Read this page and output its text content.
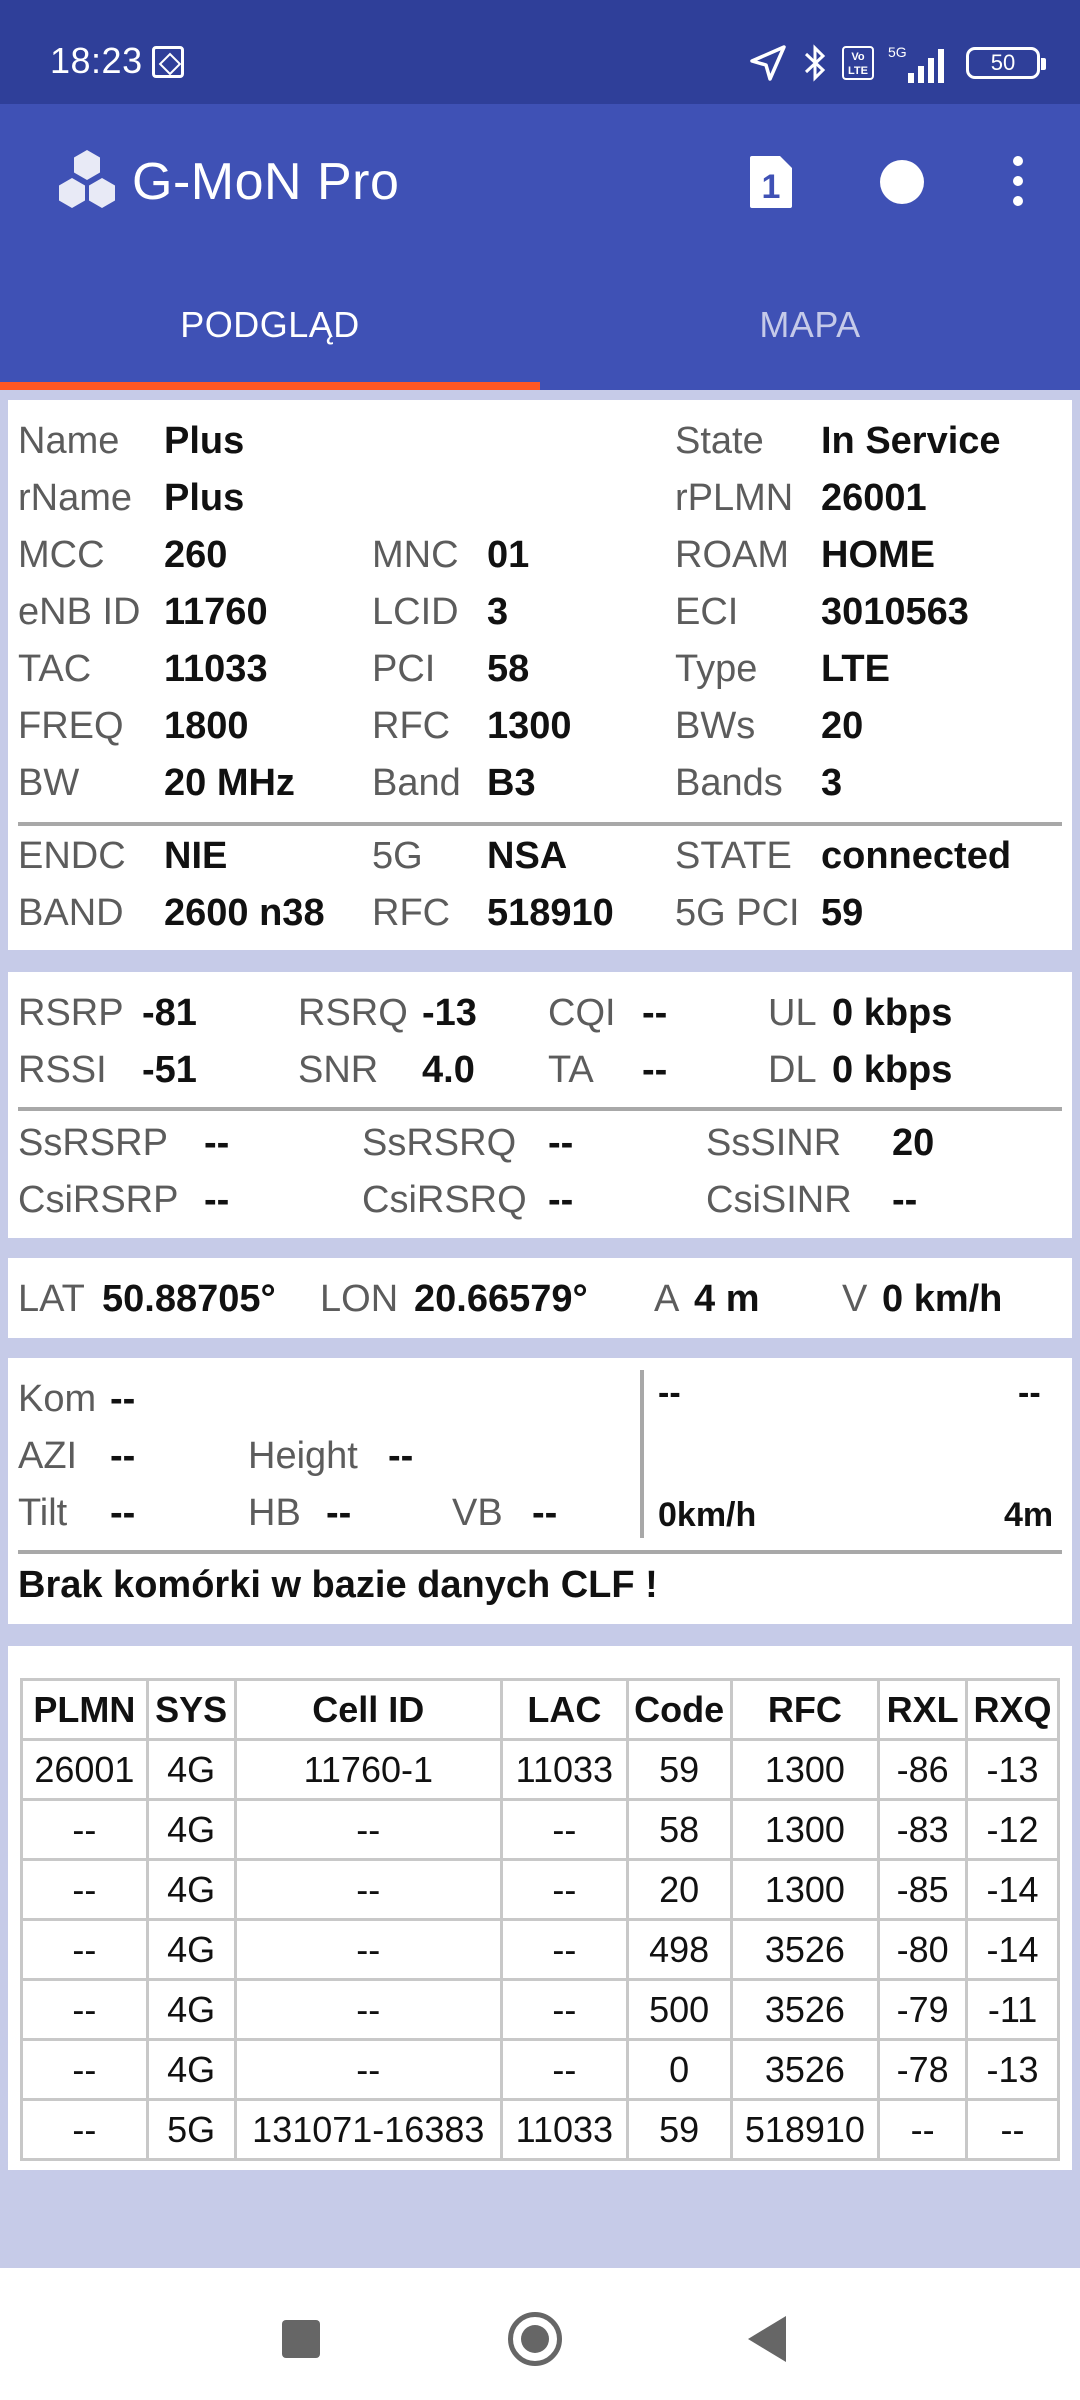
18:23	Vo LTE
5G	50
G-MoN Pro	1
PODGLĄD	MAPA
Name Plus	State In Service
rName Plus	rPLMN 26001
MCC 260	MNC 01	ROAM HOME
eNB ID 11760	LCID 3	ECI 3010563
TAC 11033	PCI 58	Type LTE
FREQ 1800	RFC 1300	BWs 20
BW 20 MHz Band B3	Bands 3
ENDC NIE	5G NSA	STATE connected
BAND 2600 n38 RFC 518910 5G PCI 59
RSRP -81	RSRQ -13 CQI --	UL 0 kbps
RSSI -51	SNR 4.0 TA --	DL 0 kbps
SsRSRP --	SsRSRQ --	SsSINR 20
CsiRSRP --	CsiRSRQ --	CsiSINR --
LAT 50.88705° LON 20.66579° A 4 m V 0 km/h
Kom --
AZI --	Height --
Tilt --	HB --	VB --
--	--
0km/h	4m
Brak komórki w bazie danych CLF !
PLMN	SYS	Cell ID	LAC	Code	RFC	RXL	RXQ
26001	4G	11760-1	11033	59	1300	-86	-13
--	4G	--	--	58	1300	-83	-12
--	4G	--	--	20	1300	-85	-14
--	4G	--	--	498	3526	-80	-14
--	4G	--	--	500	3526	-79	-11
--	4G	--	--	0	3526	-78	-13
--	5G	131071-16383	11033	59	518910	--	--
